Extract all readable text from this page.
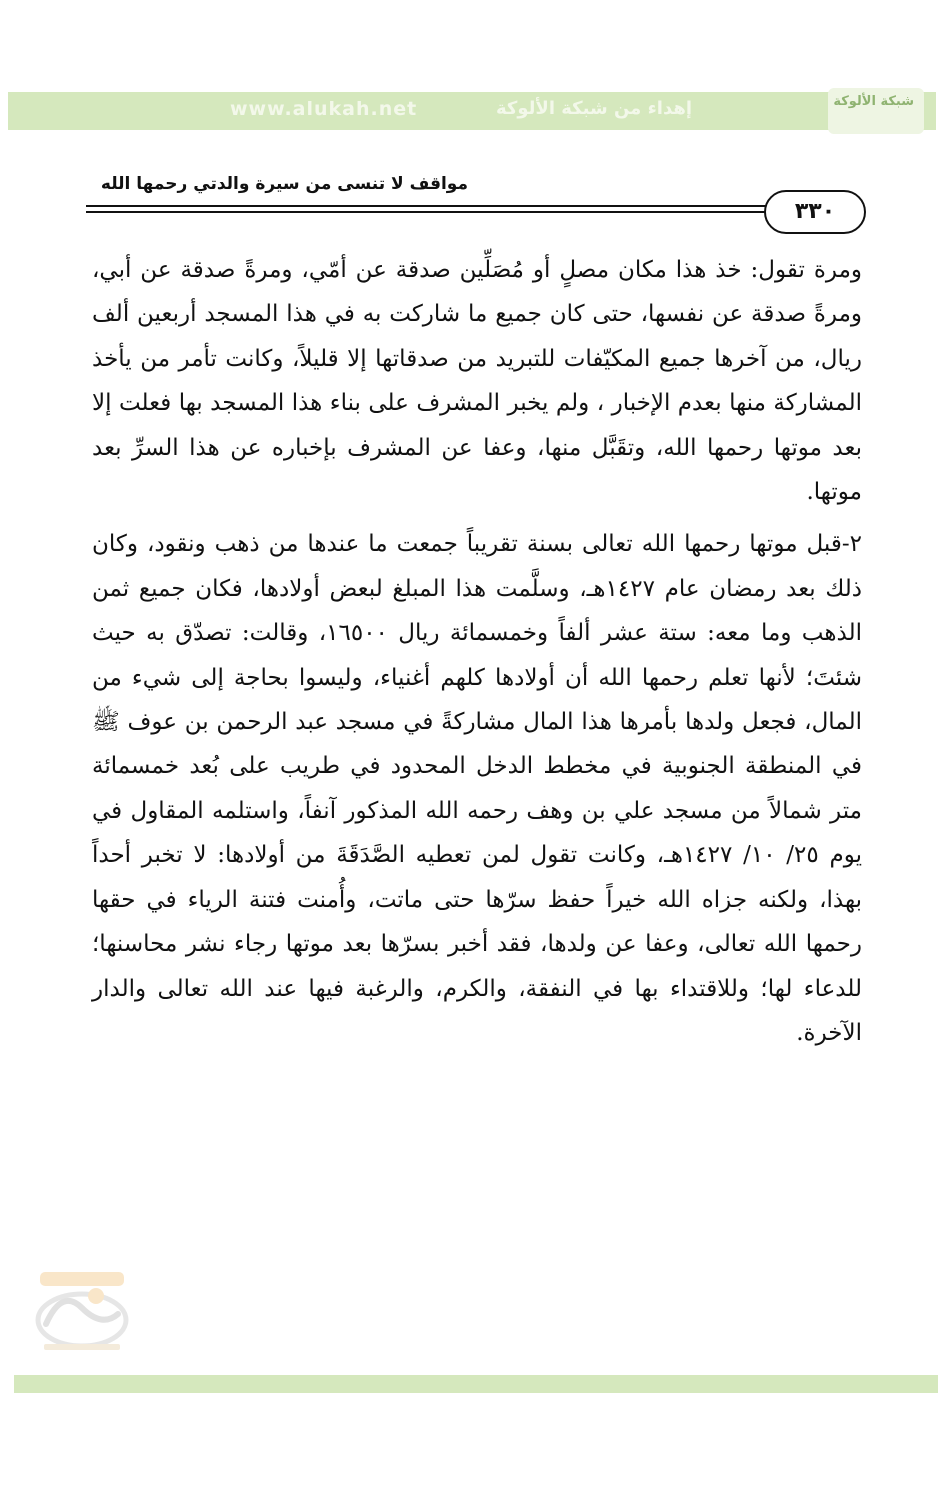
www.alukah.net	إهداء من شبكة الألوكة	شبكة الألوكة
مواقف لا تنسى من سيرة والدتي رحمها الله
٣٣٠

ومرة تقول: خذ هذا مكان مصلٍ أو مُصَلِّين صدقة عن أمّي، ومرةً صدقة عن أبي، ومرةً صدقة عن نفسها، حتى كان جميع ما شاركت به في هذا المسجد أربعين ألف ريال، من آخرها جميع المكيّفات للتبريد من صدقاتها إلا قليلاً، وكانت تأمر من يأخذ المشاركة منها بعدم الإخبار ، ولم يخبر المشرف على بناء هذا المسجد بها فعلت إلا بعد موتها رحمها الله، وتقَبَّل منها، وعفا عن المشرف بإخباره عن هذا السرِّ بعد موتها.

٢-قبل موتها رحمها الله تعالى بسنة تقريباً جمعت ما عندها من ذهب ونقود، وكان ذلك بعد رمضان عام ١٤٢٧هـ، وسلَّمت هذا المبلغ لبعض أولادها، فكان جميع ثمن الذهب وما معه: ستة عشر ألفاً وخمسمائة ريال ١٦٥٠٠، وقالت: تصدّق به حيث شئتَ؛ لأنها تعلم رحمها الله أن أولادها كلهم أغنياء، وليسوا بحاجة إلى شيء من المال، فجعل ولدها بأمرها هذا المال مشاركةً في مسجد عبد الرحمن بن عوف ﷺ في المنطقة الجنوبية في مخطط الدخل المحدود في طريب على بُعد خمسمائة متر شمالاً من مسجد علي بن وهف رحمه الله المذكور آنفاً، واستلمه المقاول في يوم ٢٥/ ١٠/ ١٤٢٧هـ، وكانت تقول لمن تعطيه الصَّدَقَةَ من أولادها: لا تخبر أحداً بهذا، ولكنه جزاه الله خيراً حفظ سرّها حتى ماتت، وأُمنت فتنة الرياء في حقها رحمها الله تعالى، وعفا عن ولدها، فقد أخبر بسرّها بعد موتها رجاء نشر محاسنها؛ للدعاء لها؛ وللاقتداء بها في النفقة، والكرم، والرغبة فيها عند الله تعالى والدار الآخرة.
